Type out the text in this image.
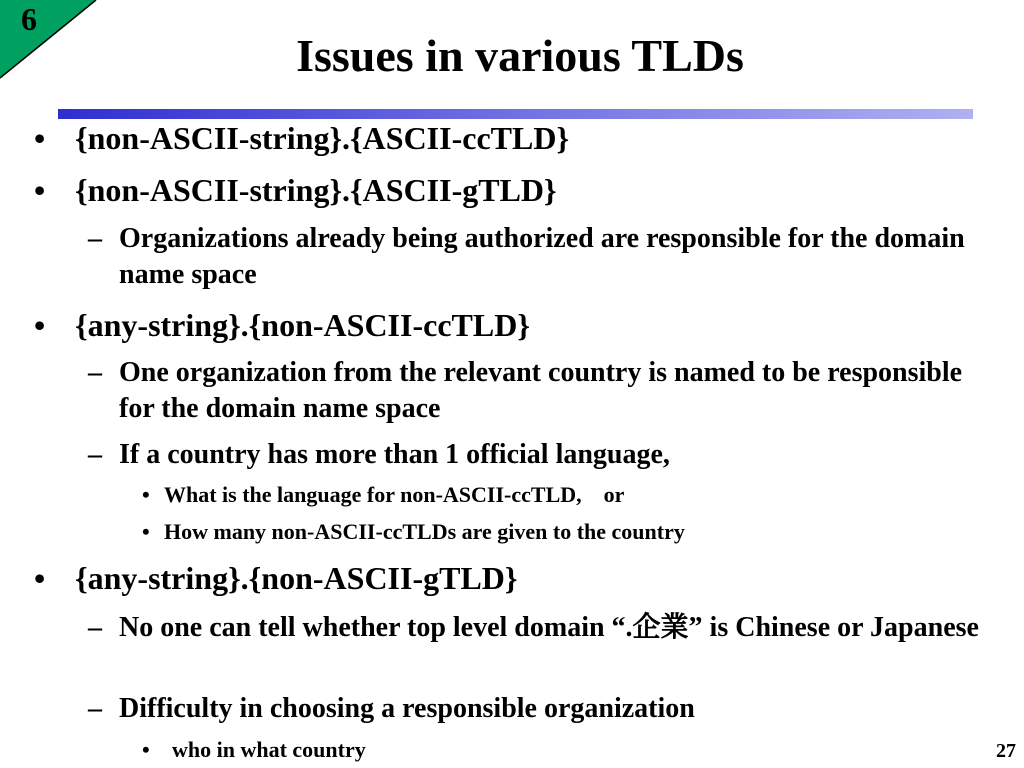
6
Issues in various TLDs
• {non-ASCII-string}.{ASCII-ccTLD}
• {non-ASCII-string}.{ASCII-gTLD}
– Organizations already being authorized are responsible for the domain name space
• {any-string}.{non-ASCII-ccTLD}
– One organization from the relevant country is named to be responsible for the domain name space
– If a country has more than 1 official language,
• What is the language for non-ASCII-ccTLD,　or
• How many non-ASCII-ccTLDs are given to the country
• {any-string}.{non-ASCII-gTLD}
– No one can tell whether top level domain “.企業” is Chinese or Japanese
– Difficulty in choosing a responsible organization
• who in what country	27
